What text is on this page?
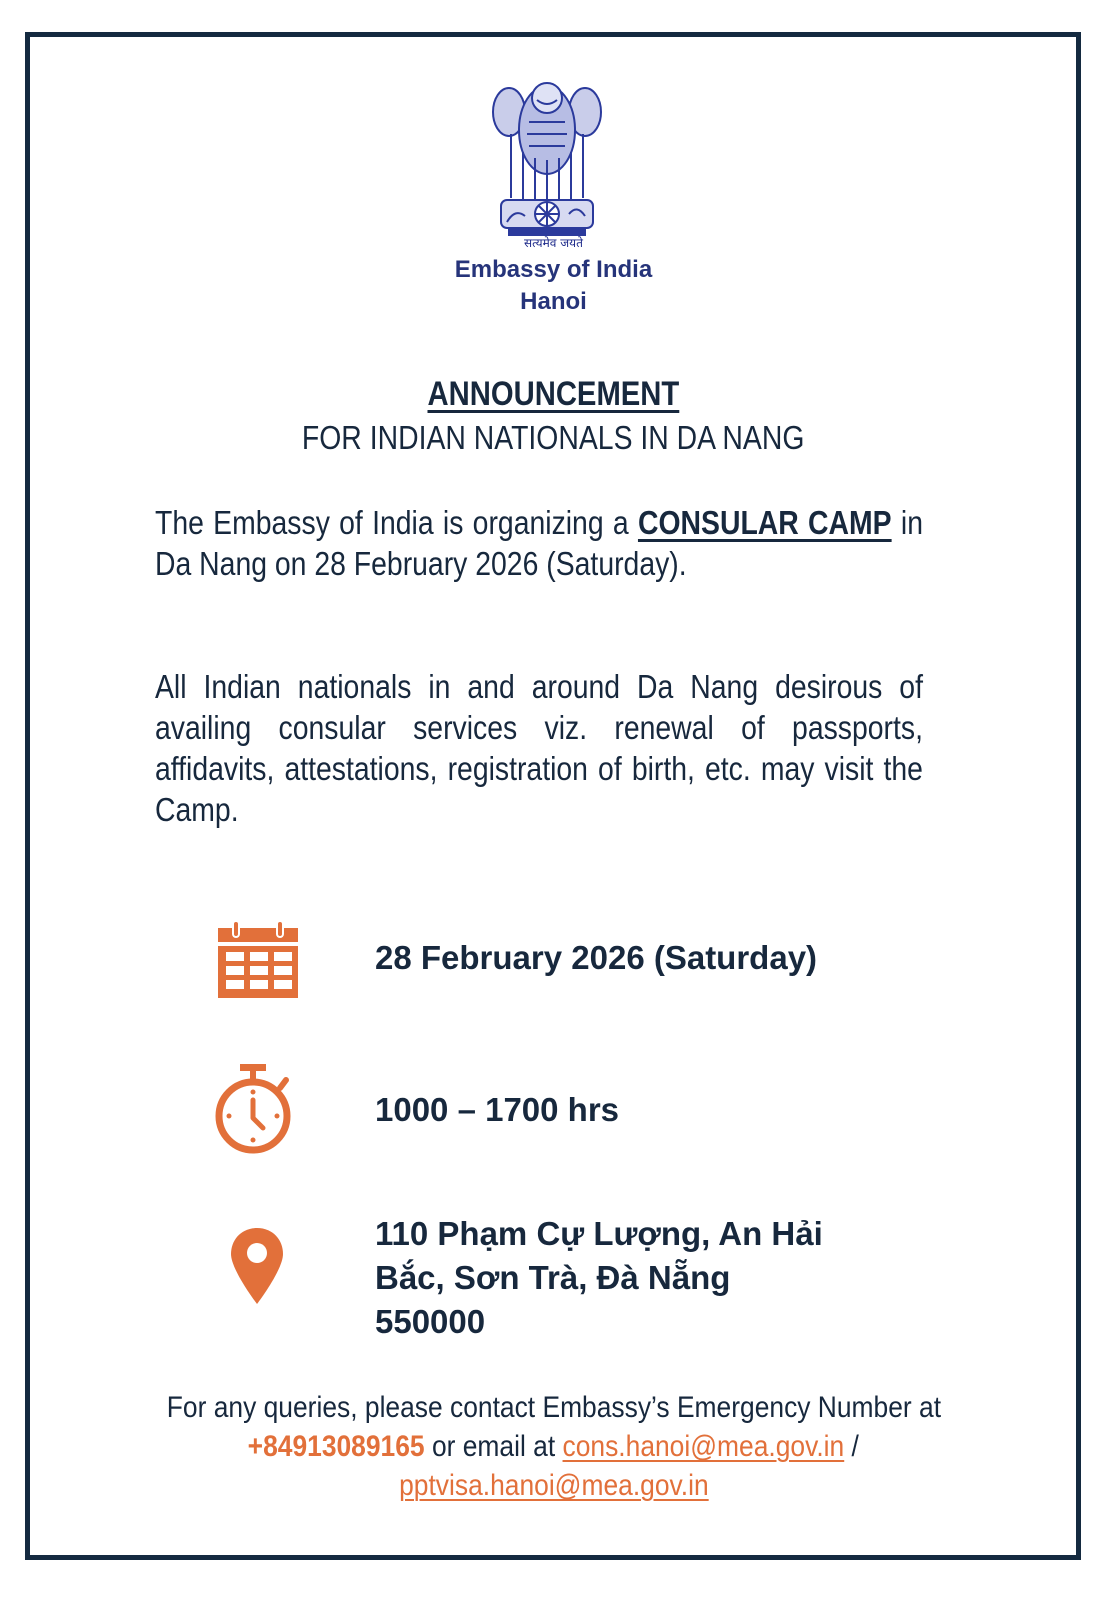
सत्यमेव जयते
Embassy of India
Hanoi
ANNOUNCEMENT
FOR INDIAN NATIONALS IN DA NANG
The Embassy of India is organizing a CONSULAR CAMP in Da Nang on 28 February 2026 (Saturday).
All Indian nationals in and around Da Nang desirous of availing consular services viz. renewal of passports, affidavits, attestations, registration of birth, etc. may visit the Camp.
28 February 2026 (Saturday)
1000 – 1700 hrs
110 Phạm Cự Lượng, An Hải
Bắc, Sơn Trà, Đà Nẵng
550000
For any queries, please contact Embassy’s Emergency Number at
+84913089165 or email at cons.hanoi@mea.gov.in /
pptvisa.hanoi@mea.gov.in
